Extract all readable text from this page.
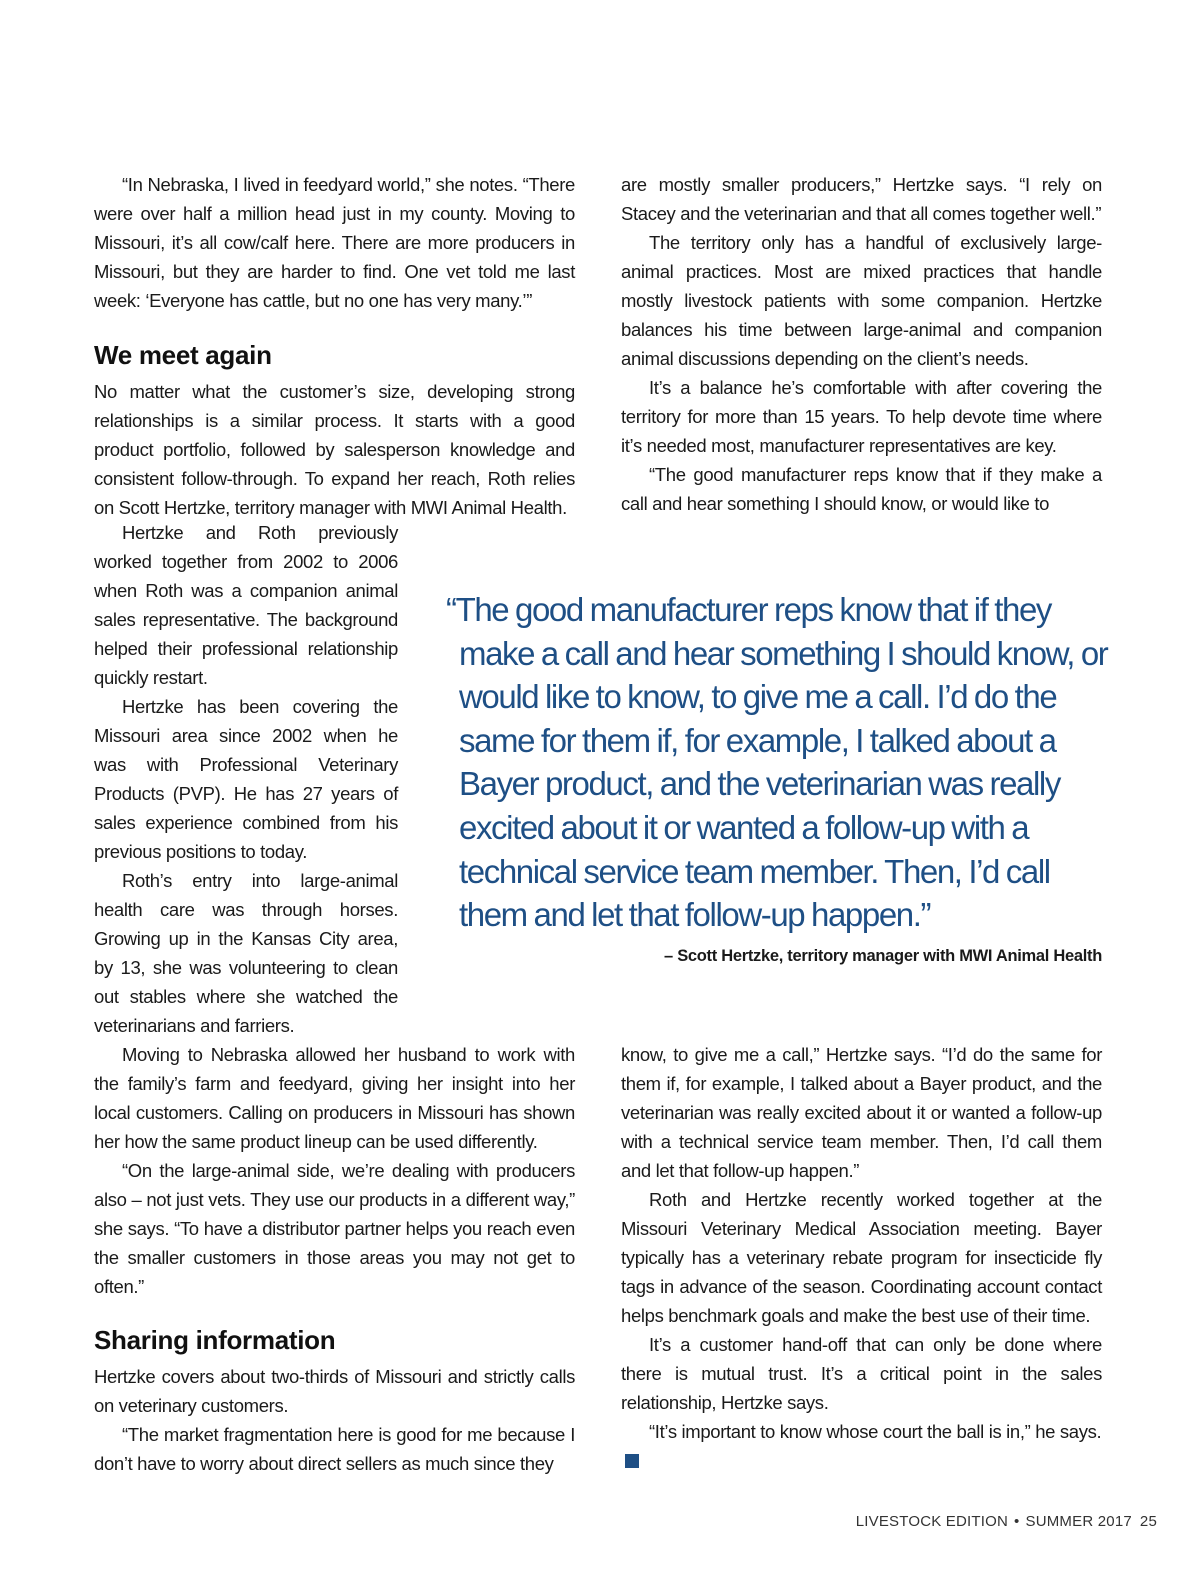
“In Nebraska, I lived in feedyard world,” she notes. “There were over half a million head just in my county. Moving to Missouri, it’s all cow/calf here. There are more producers in Missouri, but they are harder to find. One vet told me last week: ‘Everyone has cattle, but no one has very many.’”

We meet again

No matter what the customer’s size, developing strong relationships is a similar process. It starts with a good product portfolio, followed by salesperson knowledge and consistent follow-through. To expand her reach, Roth relies on Scott Hertzke, territory manager with MWI Animal Health.

Hertzke and Roth previously worked together from 2002 to 2006 when Roth was a companion animal sales representative. The background helped their professional relationship quickly restart.

Hertzke has been covering the Missouri area since 2002 when he was with Professional Veterinary Products (PVP). He has 27 years of sales experience combined from his previous positions to today.

Roth’s entry into large-animal health care was through horses. Growing up in the Kansas City area, by 13, she was volunteering to clean out stables where she watched the veterinarians and farriers.

Moving to Nebraska allowed her husband to work with the family’s farm and feedyard, giving her insight into her local customers. Calling on producers in Missouri has shown her how the same product lineup can be used differently.

“On the large-animal side, we’re dealing with producers also – not just vets. They use our products in a different way,” she says. “To have a distributor partner helps you reach even the smaller customers in those areas you may not get to often.”

Sharing information

Hertzke covers about two-thirds of Missouri and strictly calls on veterinary customers.

“The market fragmentation here is good for me because I don’t have to worry about direct sellers as much since they

are mostly smaller producers,” Hertzke says. “I rely on Stacey and the veterinarian and that all comes together well.”

The territory only has a handful of exclusively large-animal practices. Most are mixed practices that handle mostly livestock patients with some companion. Hertzke balances his time between large-animal and companion animal discussions depending on the client’s needs.

It’s a balance he’s comfortable with after covering the territory for more than 15 years. To help devote time where it’s needed most, manufacturer representatives are key.

“The good manufacturer reps know that if they make a call and hear something I should know, or would like to

“The good manufacturer reps know that if they make a call and hear something I should know, or would like to know, to give me a call. I’d do the same for them if, for example, I talked about a Bayer product, and the veterinarian was really excited about it or wanted a follow-up with a technical service team member. Then, I’d call them and let that follow-up happen.”
– Scott Hertzke, territory manager with MWI Animal Health

know, to give me a call,” Hertzke says. “I’d do the same for them if, for example, I talked about a Bayer product, and the veterinarian was really excited about it or wanted a follow-up with a technical service team member. Then, I’d call them and let that follow-up happen.”

Roth and Hertzke recently worked together at the Missouri Veterinary Medical Association meeting. Bayer typically has a veterinary rebate program for insecticide fly tags in advance of the season. Coordinating account contact helps benchmark goals and make the best use of their time.

It’s a customer hand-off that can only be done where there is mutual trust. It’s a critical point in the sales relationship, Hertzke says.

“It’s important to know whose court the ball is in,” he says.

LIVESTOCK EDITION • SUMMER 2017 25
